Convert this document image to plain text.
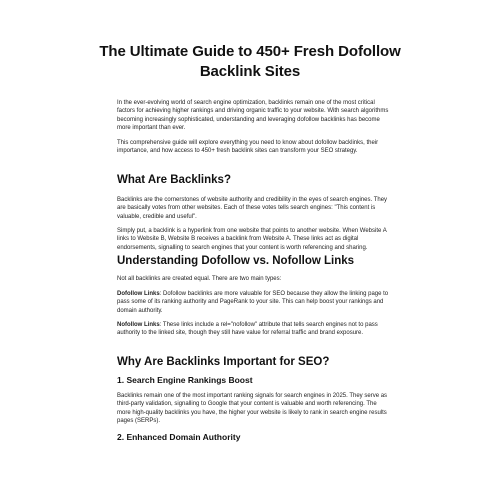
The Ultimate Guide to 450+ Fresh Dofollow
Backlink Sites
In the ever-evolving world of search engine optimization, backlinks remain one of the most critical factors for achieving higher rankings and driving organic traffic to your website. With search algorithms becoming increasingly sophisticated, understanding and leveraging dofollow backlinks has become more important than ever.
This comprehensive guide will explore everything you need to know about dofollow backlinks, their importance, and how access to 450+ fresh backlink sites can transform your SEO strategy.
What Are Backlinks?
Backlinks are the cornerstones of website authority and credibility in the eyes of search engines. They are basically votes from other websites. Each of these votes tells search engines: "This content is valuable, credible and useful".
Simply put, a backlink is a hyperlink from one website that points to another website. When Website A links to Website B, Website B receives a backlink from Website A. These links act as digital endorsements, signalling to search engines that your content is worth referencing and sharing.
Understanding Dofollow vs. Nofollow Links
Not all backlinks are created equal. There are two main types:
Dofollow Links: Dofollow backlinks are more valuable for SEO because they allow the linking page to pass some of its ranking authority and PageRank to your site. This can help boost your rankings and domain authority.
Nofollow Links: These links include a rel="nofollow" attribute that tells search engines not to pass authority to the linked site, though they still have value for referral traffic and brand exposure.
Why Are Backlinks Important for SEO?
1. Search Engine Rankings Boost
Backlinks remain one of the most important ranking signals for search engines in 2025. They serve as third-party validation, signalling to Google that your content is valuable and worth referencing. The more high-quality backlinks you have, the higher your website is likely to rank in search engine results pages (SERPs).
2. Enhanced Domain Authority
